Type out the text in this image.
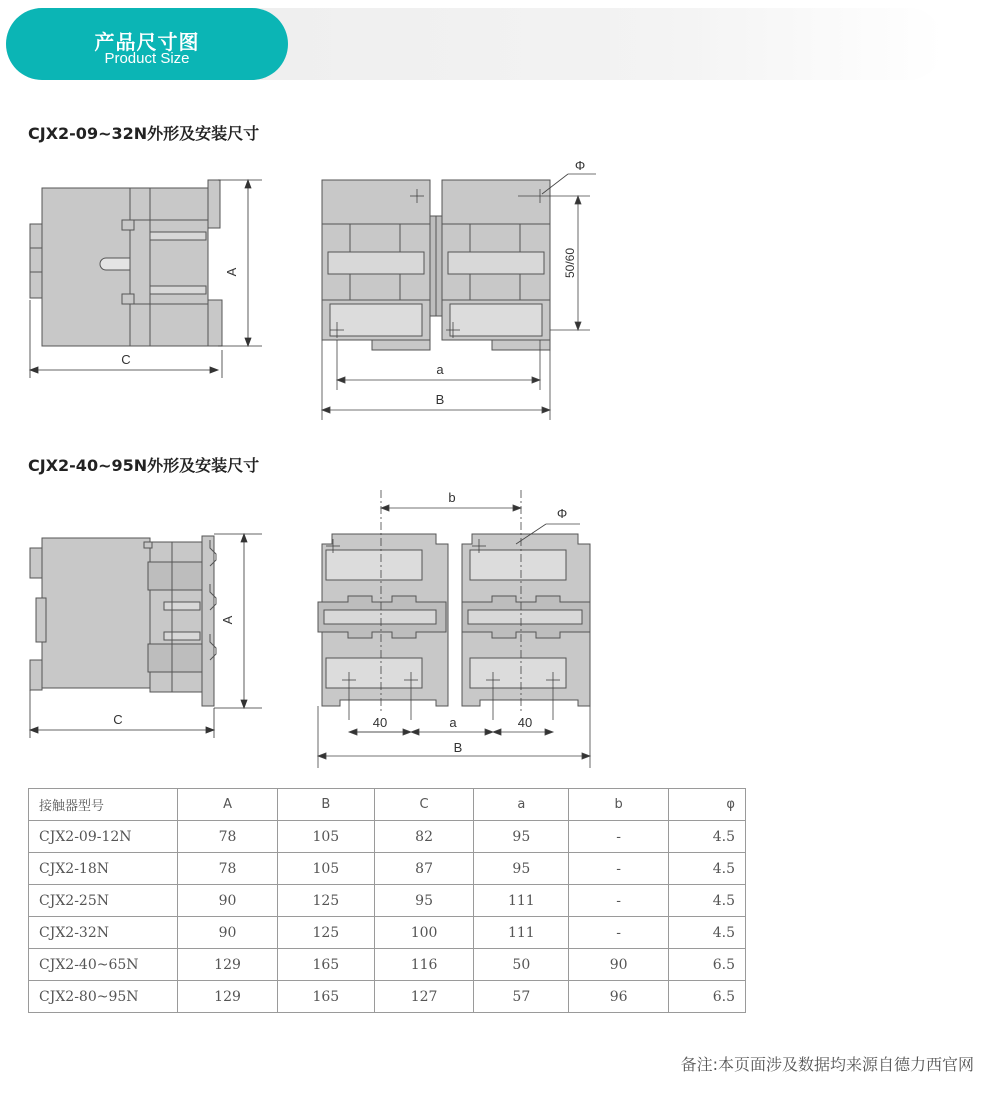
产品尺寸图
Product Size
CJX2-09~32N外形及安装尺寸
A
C
Φ
50/60
a
B
CJX2-40~95N外形及安装尺寸
A
C
b
Φ
40	a	40
B
接触器型号	A	B	C	a	b	φ
CJX2-09-12N	78	105	82	95	-	4.5
CJX2-18N	78	105	87	95	-	4.5
CJX2-25N	90	125	95	111	-	4.5
CJX2-32N	90	125	100	111	-	4.5
CJX2-40~65N	129	165	116	50	90	6.5
CJX2-80~95N	129	165	127	57	96	6.5
备注:本页面涉及数据均来源自德力西官网
